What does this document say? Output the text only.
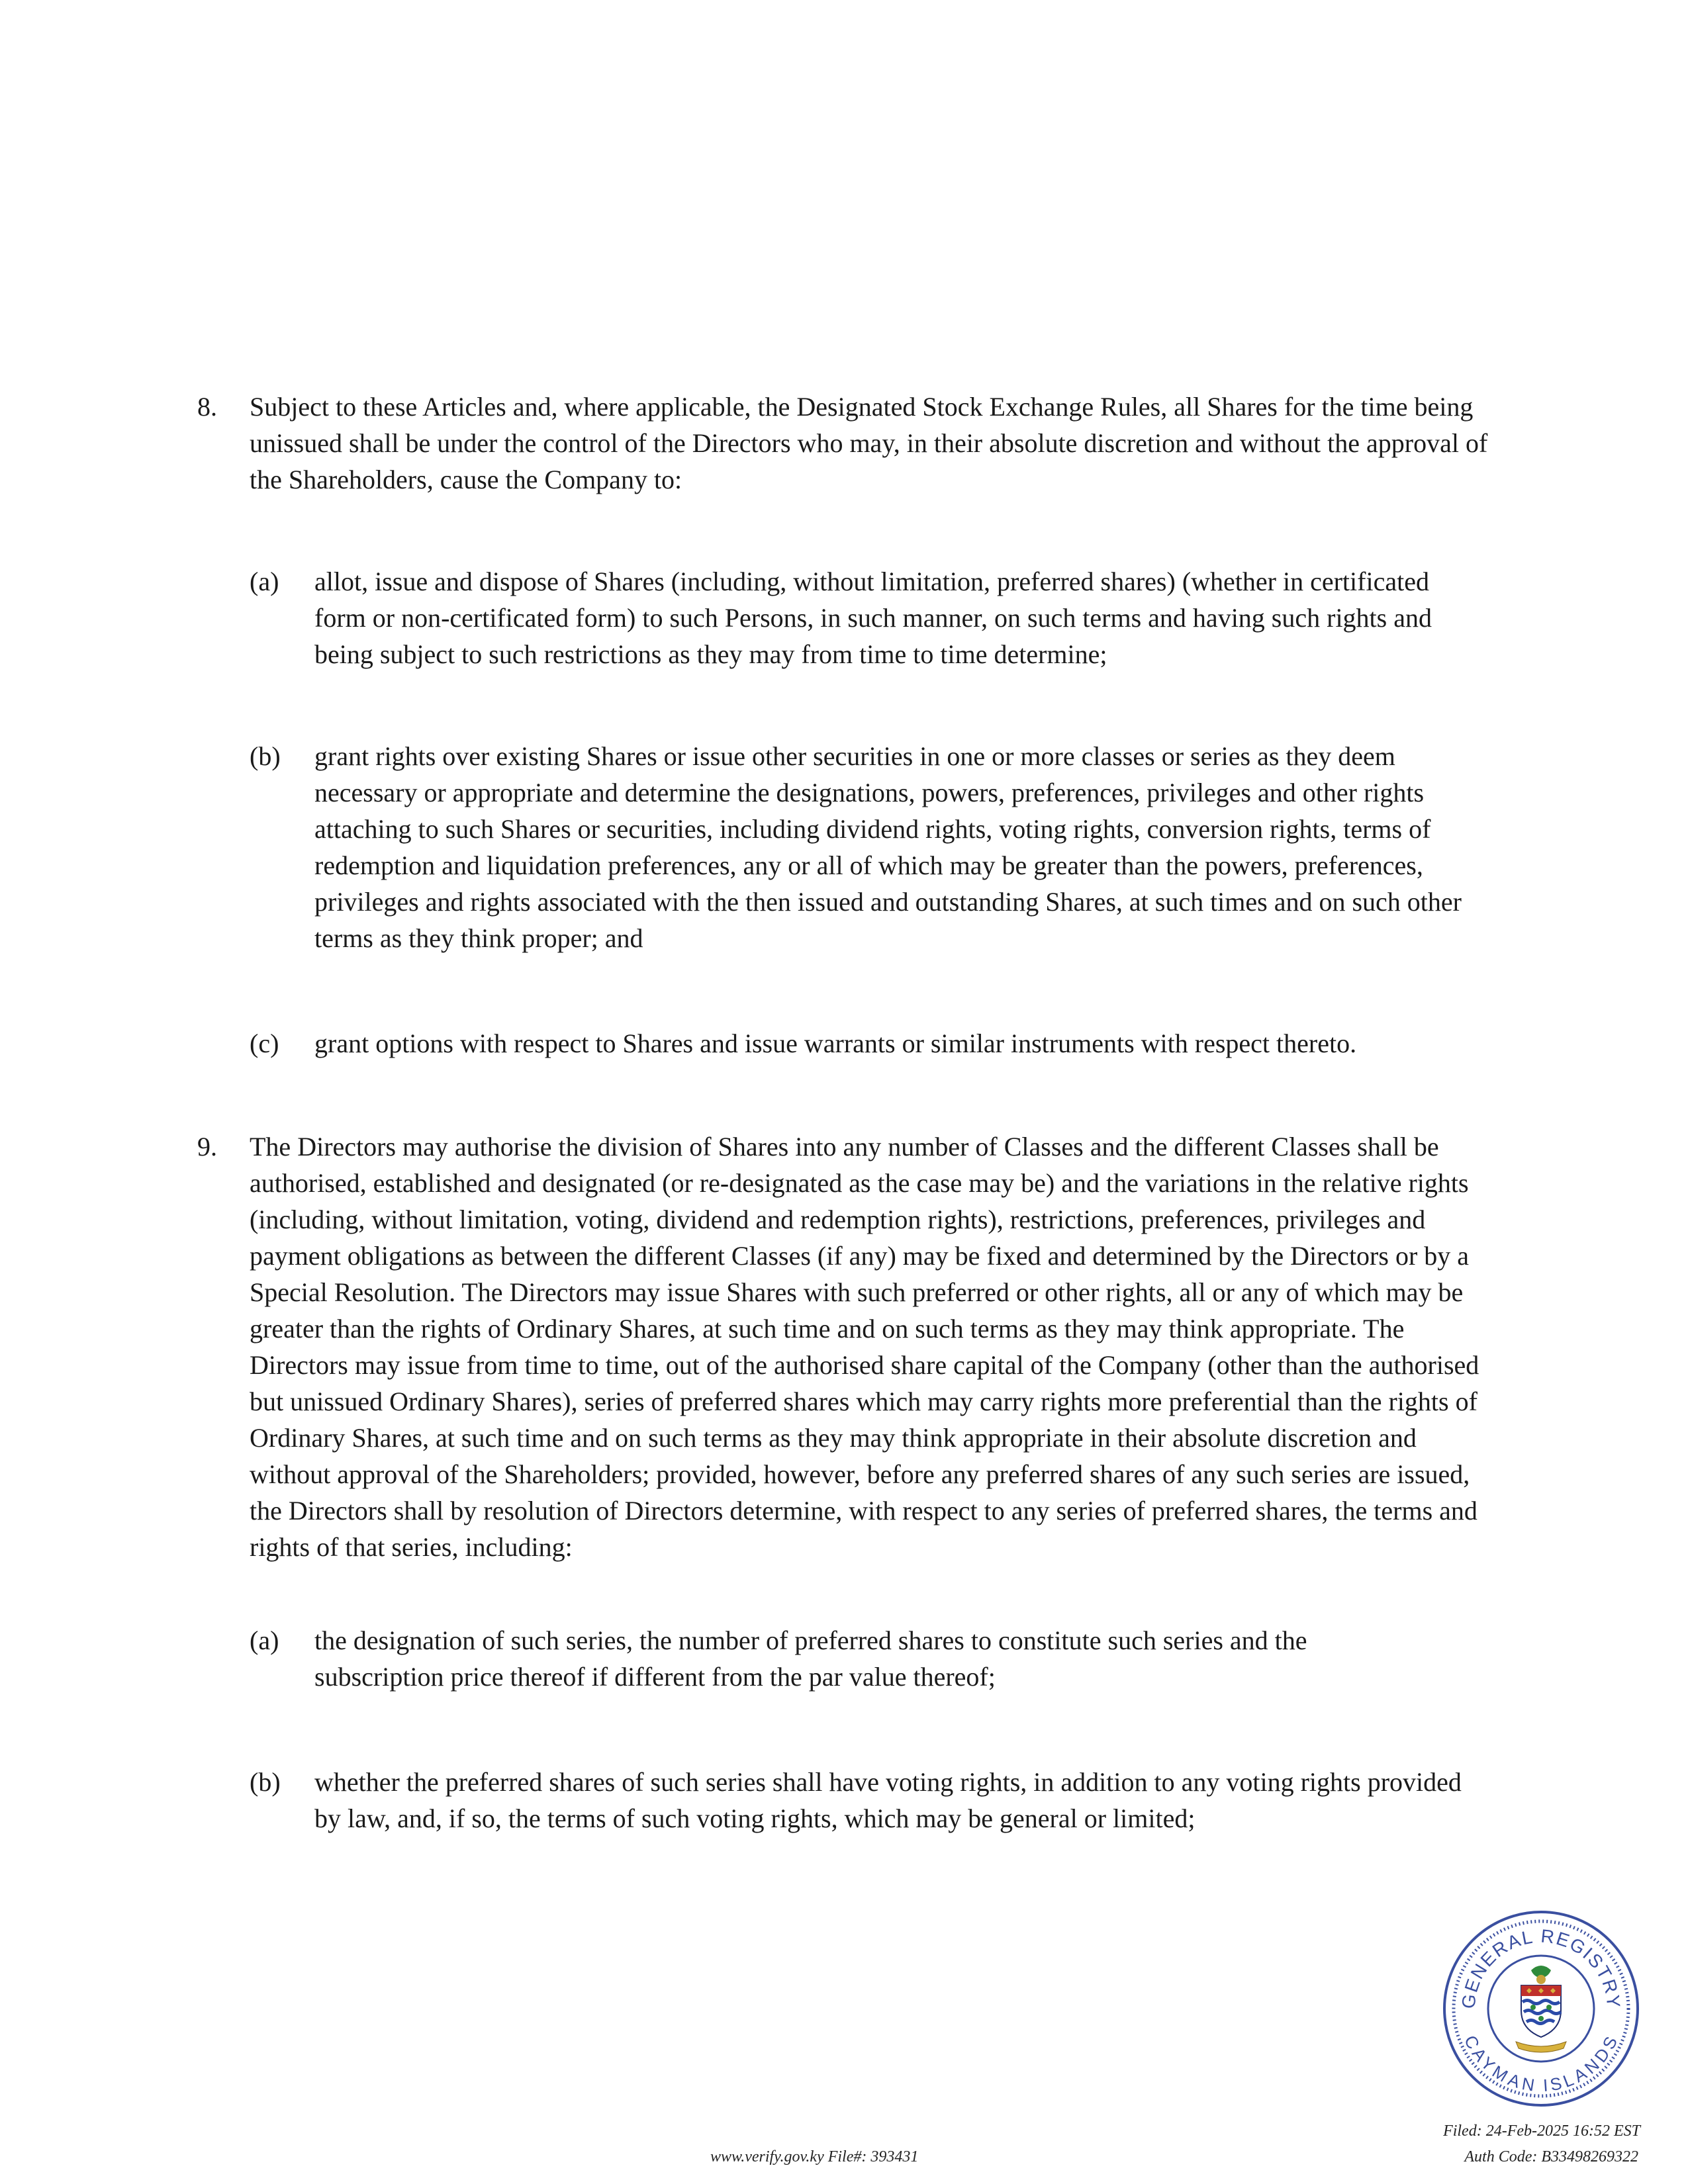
8. Subject to these Articles and, where applicable, the Designated Stock Exchange Rules, all Shares for the time being unissued shall be under the control of the Directors who may, in their absolute discretion and without the approval of the Shareholders, cause the Company to:
(a) allot, issue and dispose of Shares (including, without limitation, preferred shares) (whether in certificated form or non-certificated form) to such Persons, in such manner, on such terms and having such rights and being subject to such restrictions as they may from time to time determine;
(b) grant rights over existing Shares or issue other securities in one or more classes or series as they deem necessary or appropriate and determine the designations, powers, preferences, privileges and other rights attaching to such Shares or securities, including dividend rights, voting rights, conversion rights, terms of redemption and liquidation preferences, any or all of which may be greater than the powers, preferences, privileges and rights associated with the then issued and outstanding Shares, at such times and on such other terms as they think proper; and
(c) grant options with respect to Shares and issue warrants or similar instruments with respect thereto.
9. The Directors may authorise the division of Shares into any number of Classes and the different Classes shall be authorised, established and designated (or re-designated as the case may be) and the variations in the relative rights (including, without limitation, voting, dividend and redemption rights), restrictions, preferences, privileges and payment obligations as between the different Classes (if any) may be fixed and determined by the Directors or by a Special Resolution. The Directors may issue Shares with such preferred or other rights, all or any of which may be greater than the rights of Ordinary Shares, at such time and on such terms as they may think appropriate. The Directors may issue from time to time, out of the authorised share capital of the Company (other than the authorised but unissued Ordinary Shares), series of preferred shares which may carry rights more preferential than the rights of Ordinary Shares, at such time and on such terms as they may think appropriate in their absolute discretion and without approval of the Shareholders; provided, however, before any preferred shares of any such series are issued, the Directors shall by resolution of Directors determine, with respect to any series of preferred shares, the terms and rights of that series, including:
(a) the designation of such series, the number of preferred shares to constitute such series and the subscription price thereof if different from the par value thereof;
(b) whether the preferred shares of such series shall have voting rights, in addition to any voting rights provided by law, and, if so, the terms of such voting rights, which may be general or limited;
GENERAL REGISTRY
CAYMAN ISLANDS
www.verify.gov.ky File#: 393431
Filed: 24-Feb-2025 16:52 EST
Auth Code: B33498269322
